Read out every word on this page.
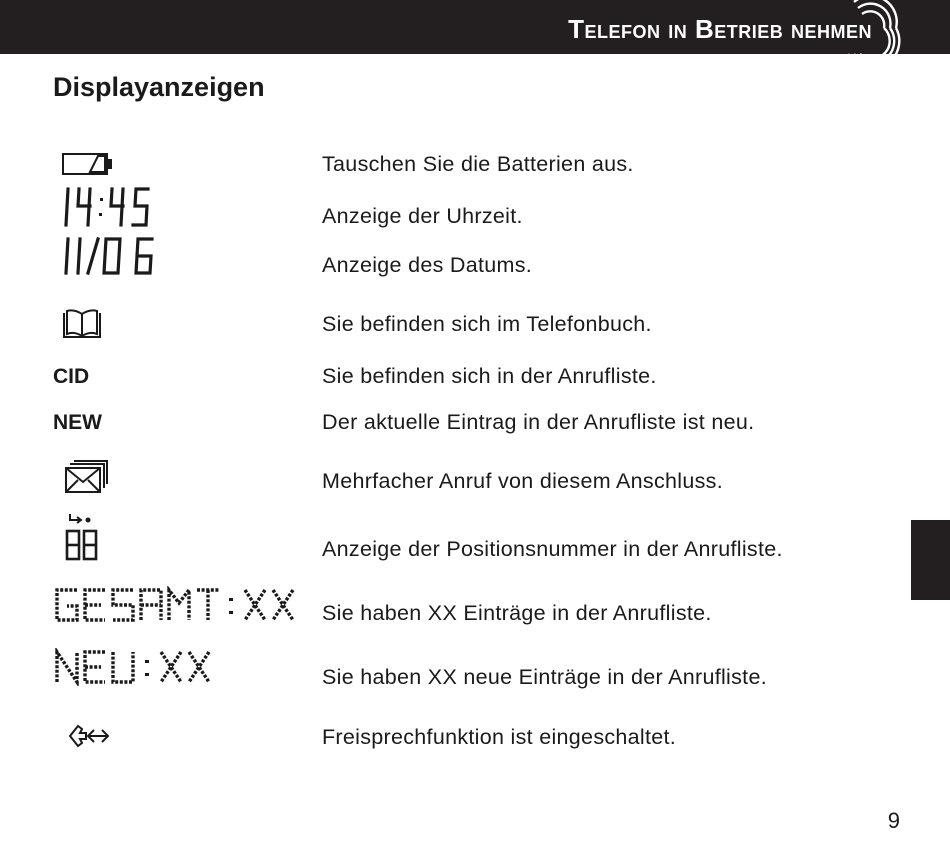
Telefon in Betrieb nehmen
Displayanzeigen
Tauschen Sie die Batterien aus.
Anzeige der Uhrzeit.
Anzeige des Datums.
Sie befinden sich im Telefonbuch.
CID	Sie befinden sich in der Anrufliste.
NEW	Der aktuelle Eintrag in der Anrufliste ist neu.
Mehrfacher Anruf von diesem Anschluss.
Anzeige der Positionsnummer in der Anrufliste.
Sie haben XX Einträge in der Anrufliste.
Sie haben XX neue Einträge in der Anrufliste.
Freisprechfunktion ist eingeschaltet.
9
